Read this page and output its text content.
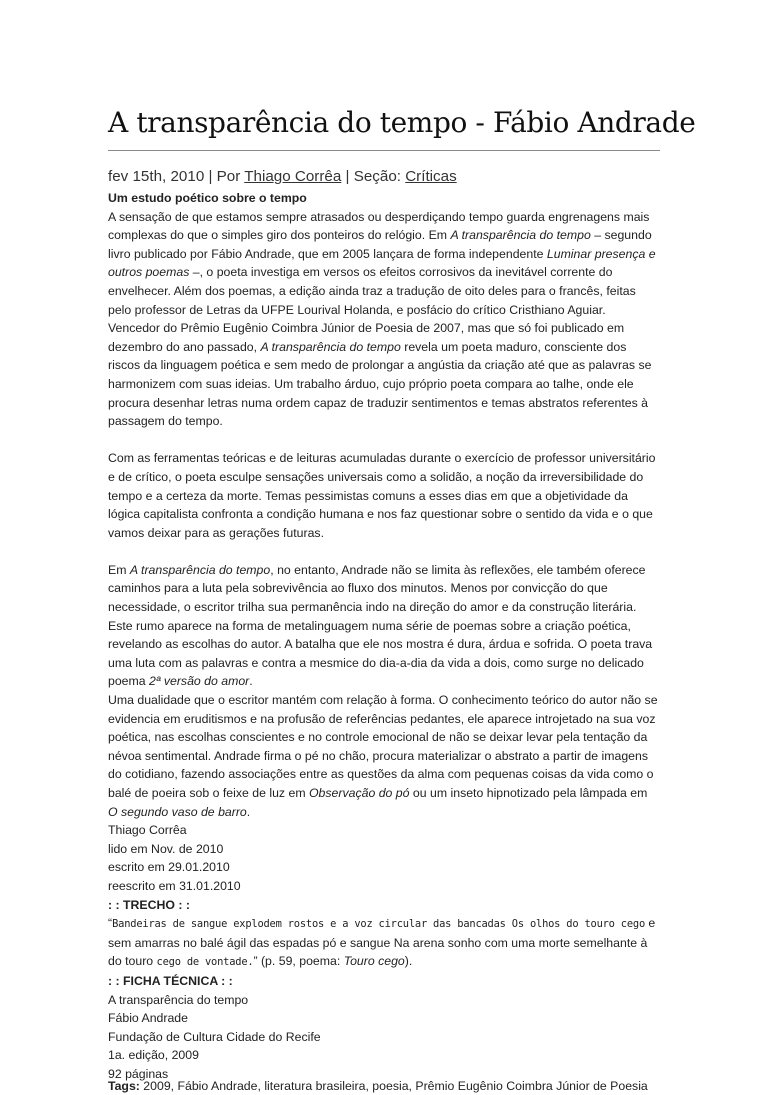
A transparência do tempo - Fábio Andrade
fev 15th, 2010 | Por Thiago Corrêa | Seção: Críticas
Um estudo poético sobre o tempo

A sensação de que estamos sempre atrasados ou desperdiçando tempo guarda engrenagens mais complexas do que o simples giro dos ponteiros do relógio. Em A transparência do tempo – segundo livro publicado por Fábio Andrade, que em 2005 lançara de forma independente Luminar presença e outros poemas –, o poeta investiga em versos os efeitos corrosivos da inevitável corrente do envelhecer. Além dos poemas, a edição ainda traz a tradução de oito deles para o francês, feitas pelo professor de Letras da UFPE Lourival Holanda, e posfácio do crítico Cristhiano Aguiar.

Vencedor do Prêmio Eugênio Coimbra Júnior de Poesia de 2007, mas que só foi publicado em dezembro do ano passado, A transparência do tempo revela um poeta maduro, consciente dos riscos da linguagem poética e sem medo de prolongar a angústia da criação até que as palavras se harmonizem com suas ideias. Um trabalho árduo, cujo próprio poeta compara ao talhe, onde ele procura desenhar letras numa ordem capaz de traduzir sentimentos e temas abstratos referentes à passagem do tempo.

Com as ferramentas teóricas e de leituras acumuladas durante o exercício de professor universitário e de crítico, o poeta esculpe sensações universais como a solidão, a noção da irreversibilidade do tempo e a certeza da morte. Temas pessimistas comuns a esses dias em que a objetividade da lógica capitalista confronta a condição humana e nos faz questionar sobre o sentido da vida e o que vamos deixar para as gerações futuras.

Em A transparência do tempo, no entanto, Andrade não se limita às reflexões, ele também oferece caminhos para a luta pela sobrevivência ao fluxo dos minutos. Menos por convicção do que necessidade, o escritor trilha sua permanência indo na direção do amor e da construção literária. Este rumo aparece na forma de metalinguagem numa série de poemas sobre a criação poética, revelando as escolhas do autor. A batalha que ele nos mostra é dura, árdua e sofrida. O poeta trava uma luta com as palavras e contra a mesmice do dia-a-dia da vida a dois, como surge no delicado poema 2ª versão do amor.

Uma dualidade que o escritor mantém com relação à forma. O conhecimento teórico do autor não se evidencia em eruditismos e na profusão de referências pedantes, ele aparece introjetado na sua voz poética, nas escolhas conscientes e no controle emocional de não se deixar levar pela tentação da névoa sentimental. Andrade firma o pé no chão, procura materializar o abstrato a partir de imagens do cotidiano, fazendo associações entre as questões da alma com pequenas coisas da vida como o balé de poeira sob o feixe de luz em Observação do pó ou um inseto hipnotizado pela lâmpada em O segundo vaso de barro.

Thiago Corrêa
lido em Nov. de 2010
escrito em 29.01.2010
reescrito em 31.01.2010
: : TRECHO : :

“Bandeiras de sangue explodem rostos e a voz circular das bancadas Os olhos do touro cego e sem amarras no balé ágil das espadas pó e sangue Na arena sonho com uma morte semelhante à do touro cego de vontade.” (p. 59, poema: Touro cego).

: : FICHA TÉCNICA : :
A transparência do tempo
Fábio Andrade
Fundação de Cultura Cidade do Recife
1a. edição, 2009
92 páginas
Tags: 2009, Fábio Andrade, literatura brasileira, poesia, Prêmio Eugênio Coimbra Júnior de Poesia
